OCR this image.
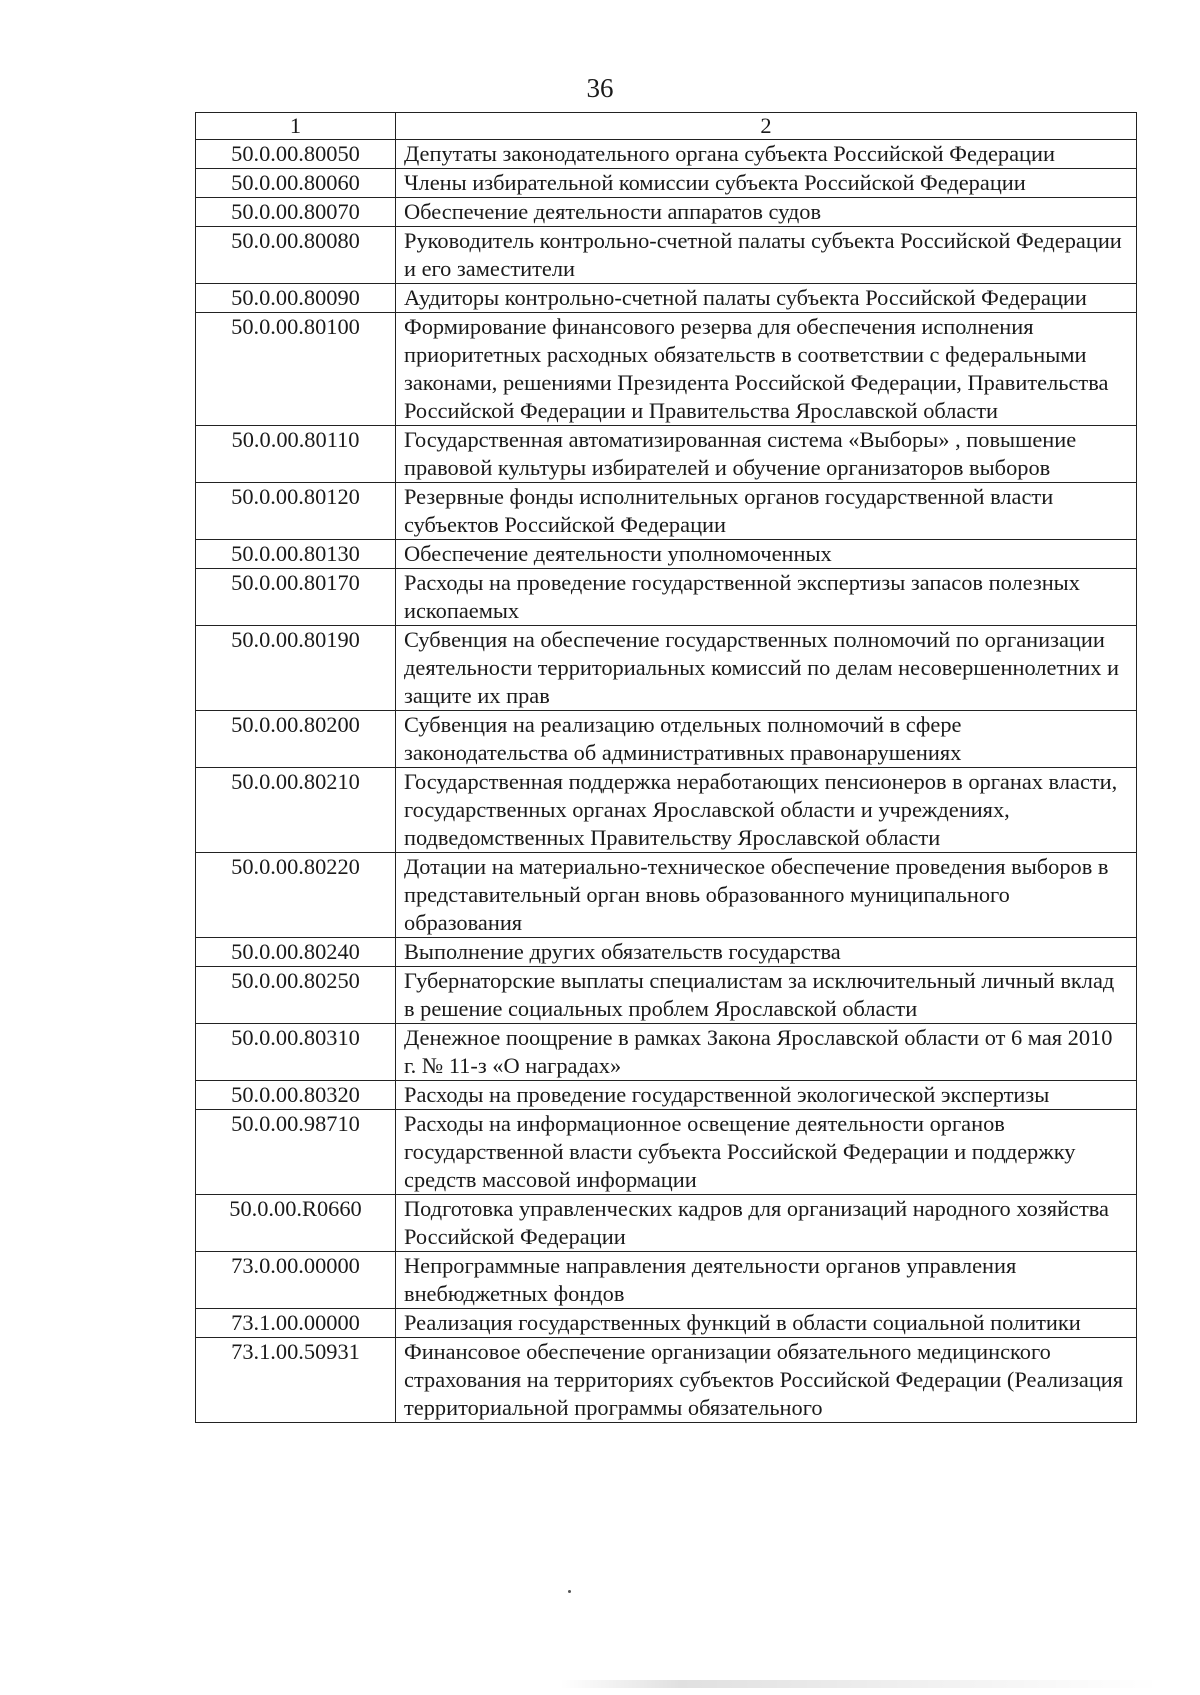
36
1	2
50.0.00.80050	Депутаты законодательного органа субъекта Российской Федерации
50.0.00.80060	Члены избирательной комиссии субъекта Российской Федерации
50.0.00.80070	Обеспечение деятельности аппаратов судов
50.0.00.80080	Руководитель контрольно-счетной палаты субъекта Российской Федерации и его заместители
50.0.00.80090	Аудиторы контрольно-счетной палаты субъекта Российской Федерации
50.0.00.80100	Формирование финансового резерва для обеспечения исполнения приоритетных расходных обязательств в соответствии с федеральными законами, решениями Президента Российской Федерации, Правительства Российской Федерации и Правительства Ярославской области
50.0.00.80110	Государственная автоматизированная система «Выборы» , повышение правовой культуры избирателей и обучение организаторов выборов
50.0.00.80120	Резервные фонды исполнительных органов государственной власти субъектов Российской Федерации
50.0.00.80130	Обеспечение деятельности уполномоченных
50.0.00.80170	Расходы на проведение государственной экспертизы запасов полезных ископаемых
50.0.00.80190	Субвенция на обеспечение государственных полномочий по организации деятельности территориальных комиссий по делам несовершеннолетних и защите их прав
50.0.00.80200	Субвенция на реализацию отдельных полномочий в сфере законодательства об административных правонарушениях
50.0.00.80210	Государственная поддержка неработающих пенсионеров в органах власти, государственных органах Ярославской области и учреждениях, подведомственных Правительству Ярославской области
50.0.00.80220	Дотации на материально-техническое обеспечение проведения выборов в представительный орган вновь образованного муниципального образования
50.0.00.80240	Выполнение других обязательств государства
50.0.00.80250	Губернаторские выплаты специалистам за исключительный личный вклад в решение социальных проблем Ярославской области
50.0.00.80310	Денежное поощрение в рамках Закона Ярославской области от 6 мая 2010 г. № 11-з «О наградах»
50.0.00.80320	Расходы на проведение государственной экологической экспертизы
50.0.00.98710	Расходы на информационное освещение деятельности органов государственной власти субъекта Российской Федерации и поддержку средств массовой информации
50.0.00.R0660	Подготовка управленческих кадров для организаций народного хозяйства Российской Федерации
73.0.00.00000	Непрограммные направления деятельности органов управления внебюджетных фондов
73.1.00.00000	Реализация государственных функций в области социальной политики
73.1.00.50931	Финансовое обеспечение организации обязательного медицинского страхования на территориях субъектов Российской Федерации (Реализация территориальной программы обязательного
